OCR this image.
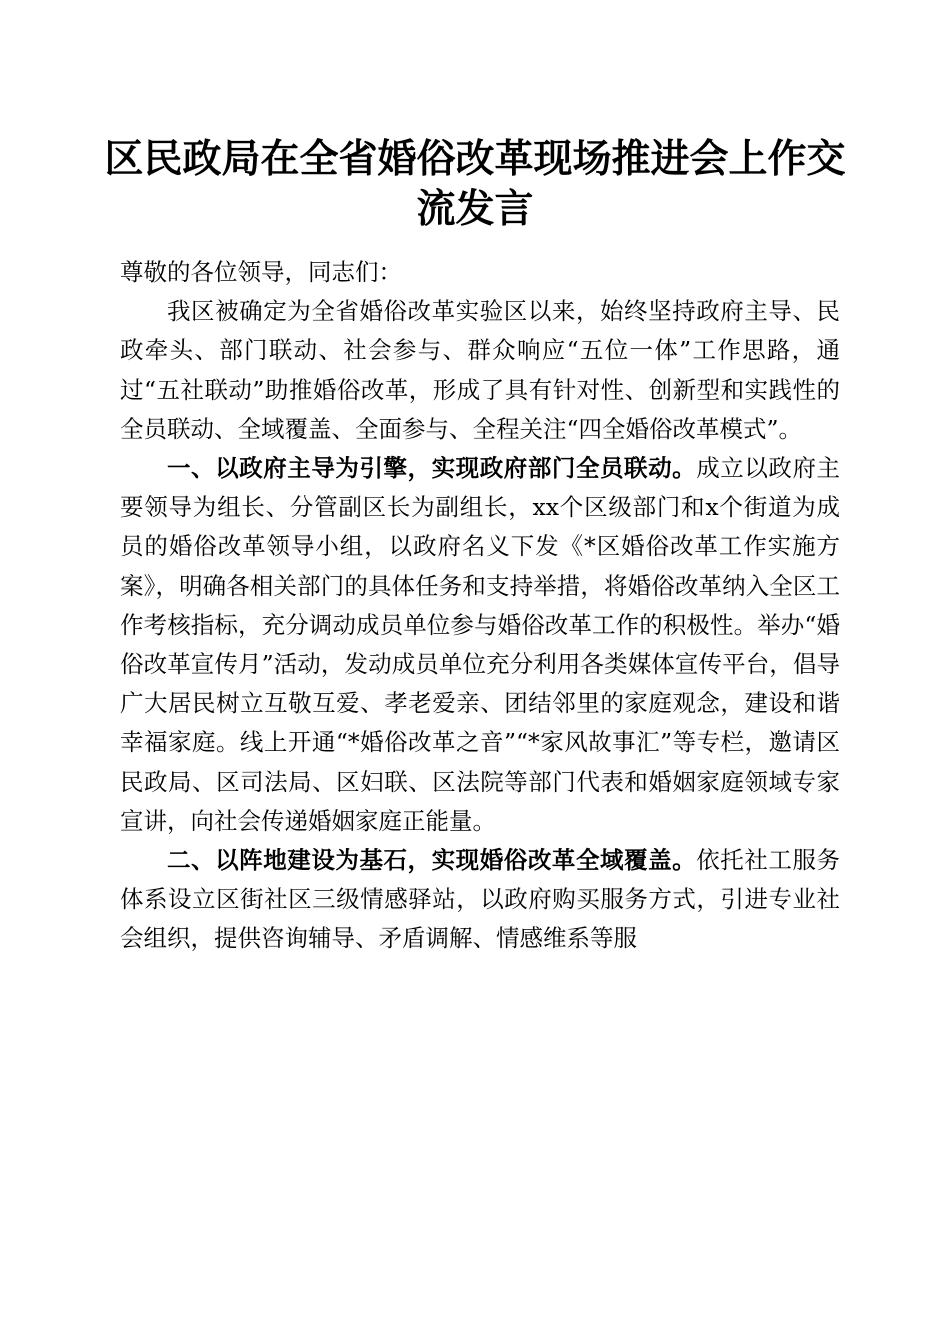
区民政局在全省婚俗改革现场推进会上作交流发言

尊敬的各位领导，同志们：

我区被确定为全省婚俗改革实验区以来，始终坚持政府主导、民政牵头、部门联动、社会参与、群众响应“五位一体”工作思路，通过“五社联动”助推婚俗改革，形成了具有针对性、创新型和实践性的全员联动、全域覆盖、全面参与、全程关注“四全婚俗改革模式”。

一、以政府主导为引擎，实现政府部门全员联动。成立以政府主要领导为组长、分管副区长为副组长，xx个区级部门和x个街道为成员的婚俗改革领导小组，以政府名义下发《*区婚俗改革工作实施方案》，明确各相关部门的具体任务和支持举措，将婚俗改革纳入全区工作考核指标，充分调动成员单位参与婚俗改革工作的积极性。举办“婚俗改革宣传月”活动，发动成员单位充分利用各类媒体宣传平台，倡导广大居民树立互敬互爱、孝老爱亲、团结邻里的家庭观念，建设和谐幸福家庭。线上开通“*婚俗改革之音”“*家风故事汇”等专栏，邀请区民政局、区司法局、区妇联、区法院等部门代表和婚姻家庭领域专家宣讲，向社会传递婚姻家庭正能量。

二、以阵地建设为基石，实现婚俗改革全域覆盖。依托社工服务体系设立区街社区三级情感驿站，以政府购买服务方式，引进专业社会组织，提供咨询辅导、矛盾调解、情感维系等服
